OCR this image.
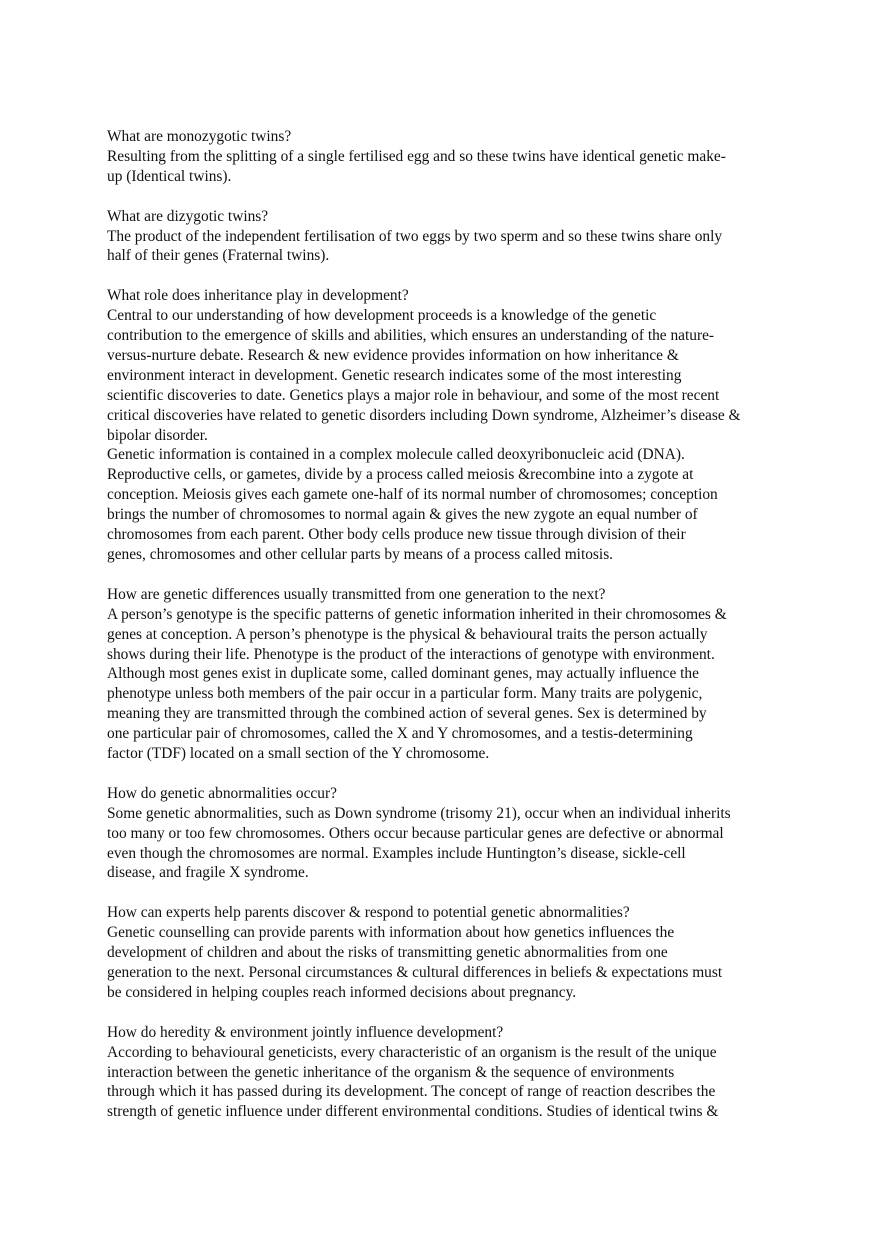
What are monozygotic twins?

Resulting from the splitting of a single fertilised egg and so these twins have identical genetic make-
up (Identical twins).

What are dizygotic twins?

The product of the independent fertilisation of two eggs by two sperm and so these twins share only
half of their genes (Fraternal twins).

What role does inheritance play in development?

Central to our understanding of how development proceeds is a knowledge of the genetic
contribution to the emergence of skills and abilities, which ensures an understanding of the nature-
versus-nurture debate. Research & new evidence provides information on how inheritance &
environment interact in development. Genetic research indicates some of the most interesting
scientific discoveries to date. Genetics plays a major role in behaviour, and some of the most recent
critical discoveries have related to genetic disorders including Down syndrome, Alzheimer’s disease &
bipolar disorder.

Genetic information is contained in a complex molecule called deoxyribonucleic acid (DNA).
Reproductive cells, or gametes, divide by a process called meiosis &recombine into a zygote at
conception. Meiosis gives each gamete one-half of its normal number of chromosomes; conception
brings the number of chromosomes to normal again & gives the new zygote an equal number of
chromosomes from each parent. Other body cells produce new tissue through division of their
genes, chromosomes and other cellular parts by means of a process called mitosis.

How are genetic differences usually transmitted from one generation to the next?

A person’s genotype is the specific patterns of genetic information inherited in their chromosomes &
genes at conception. A person’s phenotype is the physical & behavioural traits the person actually
shows during their life. Phenotype is the product of the interactions of genotype with environment.
Although most genes exist in duplicate some, called dominant genes, may actually influence the
phenotype unless both members of the pair occur in a particular form. Many traits are polygenic,
meaning they are transmitted through the combined action of several genes. Sex is determined by
one particular pair of chromosomes, called the X and Y chromosomes, and a testis-determining
factor (TDF) located on a small section of the Y chromosome.

How do genetic abnormalities occur?

Some genetic abnormalities, such as Down syndrome (trisomy 21), occur when an individual inherits
too many or too few chromosomes. Others occur because particular genes are defective or abnormal
even though the chromosomes are normal. Examples include Huntington’s disease, sickle-cell
disease, and fragile X syndrome.

How can experts help parents discover & respond to potential genetic abnormalities?

Genetic counselling can provide parents with information about how genetics influences the
development of children and about the risks of transmitting genetic abnormalities from one
generation to the next. Personal circumstances & cultural differences in beliefs & expectations must
be considered in helping couples reach informed decisions about pregnancy.

How do heredity & environment jointly influence development?

According to behavioural geneticists, every characteristic of an organism is the result of the unique
interaction between the genetic inheritance of the organism & the sequence of environments
through which it has passed during its development. The concept of range of reaction describes the
strength of genetic influence under different environmental conditions. Studies of identical twins &
